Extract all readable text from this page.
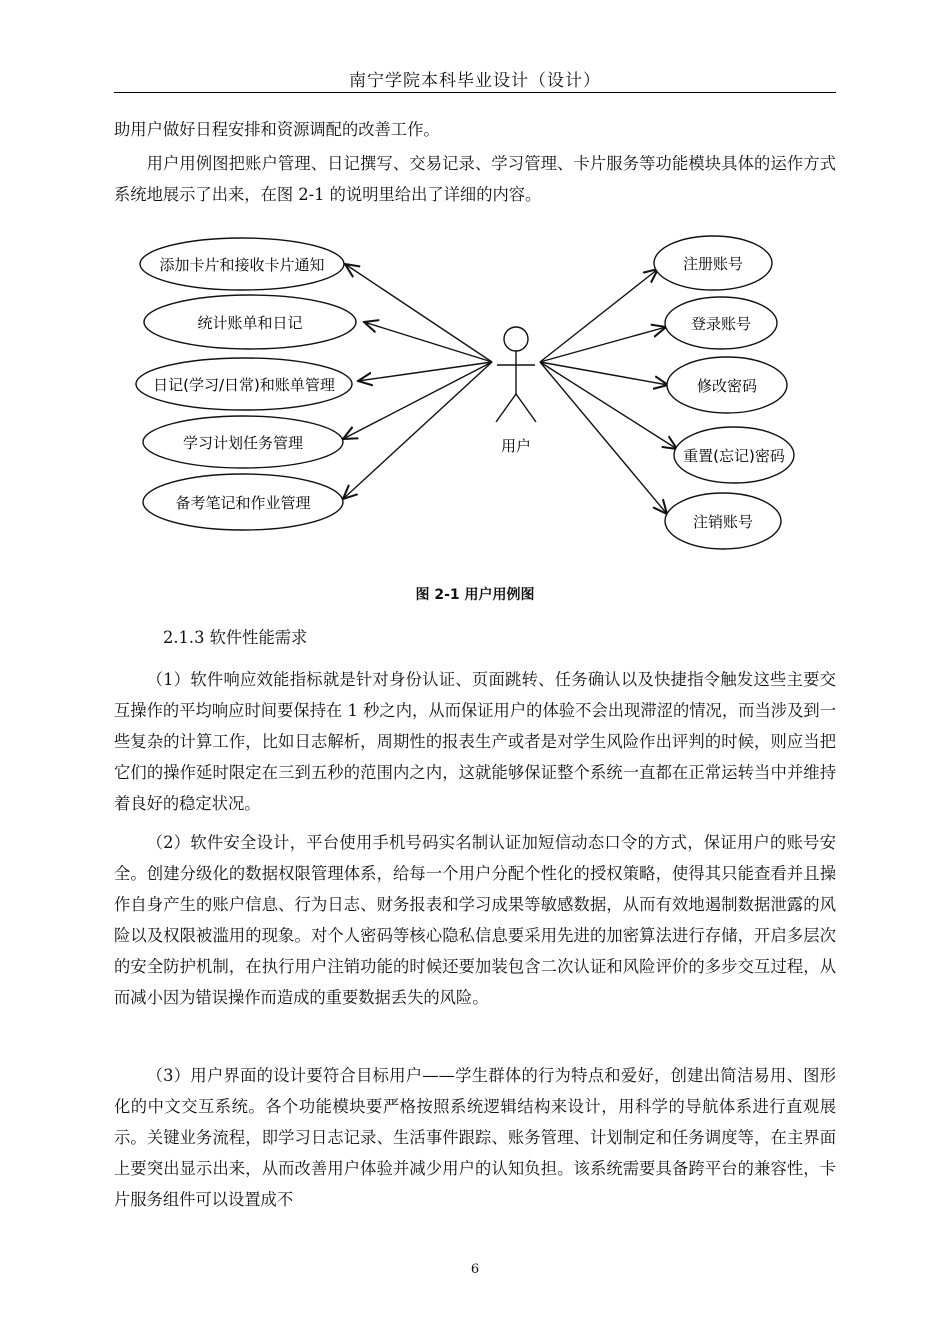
南宁学院本科毕业设计（设计）
助用户做好日程安排和资源调配的改善工作。
用户用例图把账户管理、日记撰写、交易记录、学习管理、卡片服务等功能模块具体的运作方式系统地展示了出来，在图 2-1 的说明里给出了详细的内容。
用户
添加卡片和接收卡片通知
统计账单和日记
日记(学习/日常)和账单管理
学习计划任务管理
备考笔记和作业管理
注册账号
登录账号
修改密码
重置(忘记)密码
注销账号
图 2-1 用户用例图
2.1.3 软件性能需求
（1）软件响应效能指标就是针对身份认证、页面跳转、任务确认以及快捷指令触发这些主要交互操作的平均响应时间要保持在 1 秒之内，从而保证用户的体验不会出现滞涩的情况，而当涉及到一些复杂的计算工作，比如日志解析，周期性的报表生产或者是对学生风险作出评判的时候，则应当把它们的操作延时限定在三到五秒的范围内之内，这就能够保证整个系统一直都在正常运转当中并维持着良好的稳定状况。
（2）软件安全设计，平台使用手机号码实名制认证加短信动态口令的方式，保证用户的账号安全。创建分级化的数据权限管理体系，给每一个用户分配个性化的授权策略，使得其只能查看并且操作自身产生的账户信息、行为日志、财务报表和学习成果等敏感数据，从而有效地遏制数据泄露的风险以及权限被滥用的现象。对个人密码等核心隐私信息要采用先进的加密算法进行存储，开启多层次的安全防护机制，在执行用户注销功能的时候还要加装包含二次认证和风险评价的多步交互过程，从而减小因为错误操作而造成的重要数据丢失的风险。
（3）用户界面的设计要符合目标用户——学生群体的行为特点和爱好，创建出简洁易用、图形化的中文交互系统。各个功能模块要严格按照系统逻辑结构来设计，用科学的导航体系进行直观展示。关键业务流程，即学习日志记录、生活事件跟踪、账务管理、计划制定和任务调度等，在主界面上要突出显示出来，从而改善用户体验并减少用户的认知负担。该系统需要具备跨平台的兼容性，卡片服务组件可以设置成不
6
